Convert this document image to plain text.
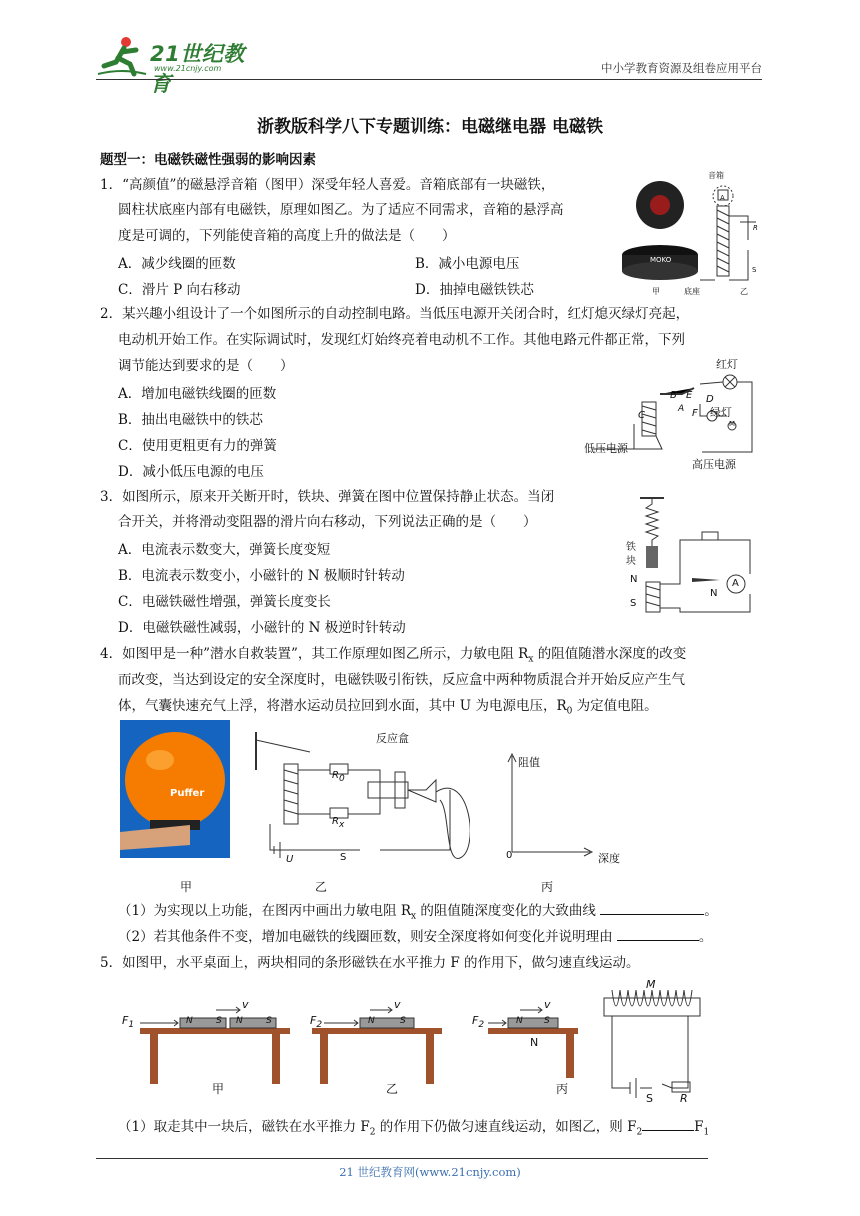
21世纪教育
www.21cnjy.com	中小学教育资源及组卷应用平台
浙教版科学八下专题训练：电磁继电器 电磁铁
题型一：电磁铁磁性强弱的影响因素
1．“高颜值”的磁悬浮音箱（图甲）深受年轻人喜爱。音箱底部有一块磁铁，
圆柱状底座内部有电磁铁，原理如图乙。为了适应不同需求，音箱的悬浮高
度是可调的，下列能使音箱的高度上升的做法是（　　）
A．减少线圈的匝数	B．减小电源电压
C．滑片 P 向右移动	D．抽掉电磁铁铁芯
音箱
MOKO
甲	底座	乙
A
R
S
2．某兴趣小组设计了一个如图所示的自动控制电路。当低压电源开关闭合时，红灯熄灭绿灯亮起，
电动机开始工作。在实际调试时，发现红灯始终亮着电动机不工作。其他电路元件都正常，下列
调节能达到要求的是（　　）
A．增加电磁铁线圈的匝数
B．抽出电磁铁中的铁芯
C．使用更粗更有力的弹簧
D．减小低压电源的电压
红灯
绿灯
低压电源
高压电源
B
C
E D
F
A
M
3．如图所示，原来开关断开时，铁块、弹簧在图中位置保持静止状态。当闭
合开关，并将滑动变阻器的滑片向右移动，下列说法正确的是（　　）
A．电流表示数变大，弹簧长度变短
B．电流表示数变小，小磁针的 N 极顺时针转动
C．电磁铁磁性增强，弹簧长度变长
D．电磁铁磁性减弱，小磁针的 N 极逆时针转动
铁
块
N
S
N
A
4．如图甲是一种”潜水自救装置”，其工作原理如图乙所示，力敏电阻 $R_x$ 的阻值随潜水深度的改变
而改变，当达到设定的安全深度时，电磁铁吸引衔铁，反应盒中两种物质混合并开始反应产生气
体，气囊快速充气上浮，将潜水运动员拉回到水面，其中 U 为电源电压，$R_0$ 为定值电阻。
Puffer
反应盒
$R_0$
$R_x$
U	S
阻值
深度
0
甲	乙	丙
（1）为实现以上功能，在图丙中画出力敏电阻 $R_x$ 的阻值随深度变化的大致曲线	。
（2）若其他条件不变，增加电磁铁的线圈匝数，则安全深度将如何变化并说明理由	。
5．如图甲，水平桌面上，两块相同的条形磁铁在水平推力 F 的作用下，做匀速直线运动。
$F_1$	$F_2$	$F_2$
v	v	v
N	S N	S	N	S	N S
N
M
R
S
甲	乙	丙
（1）取走其中一块后，磁铁在水平推力 $F_2$ 的作用下仍做匀速直线运动，如图乙，则 $F_2$	$F_1$
21 世纪教育网(www.21cnjy.com)
